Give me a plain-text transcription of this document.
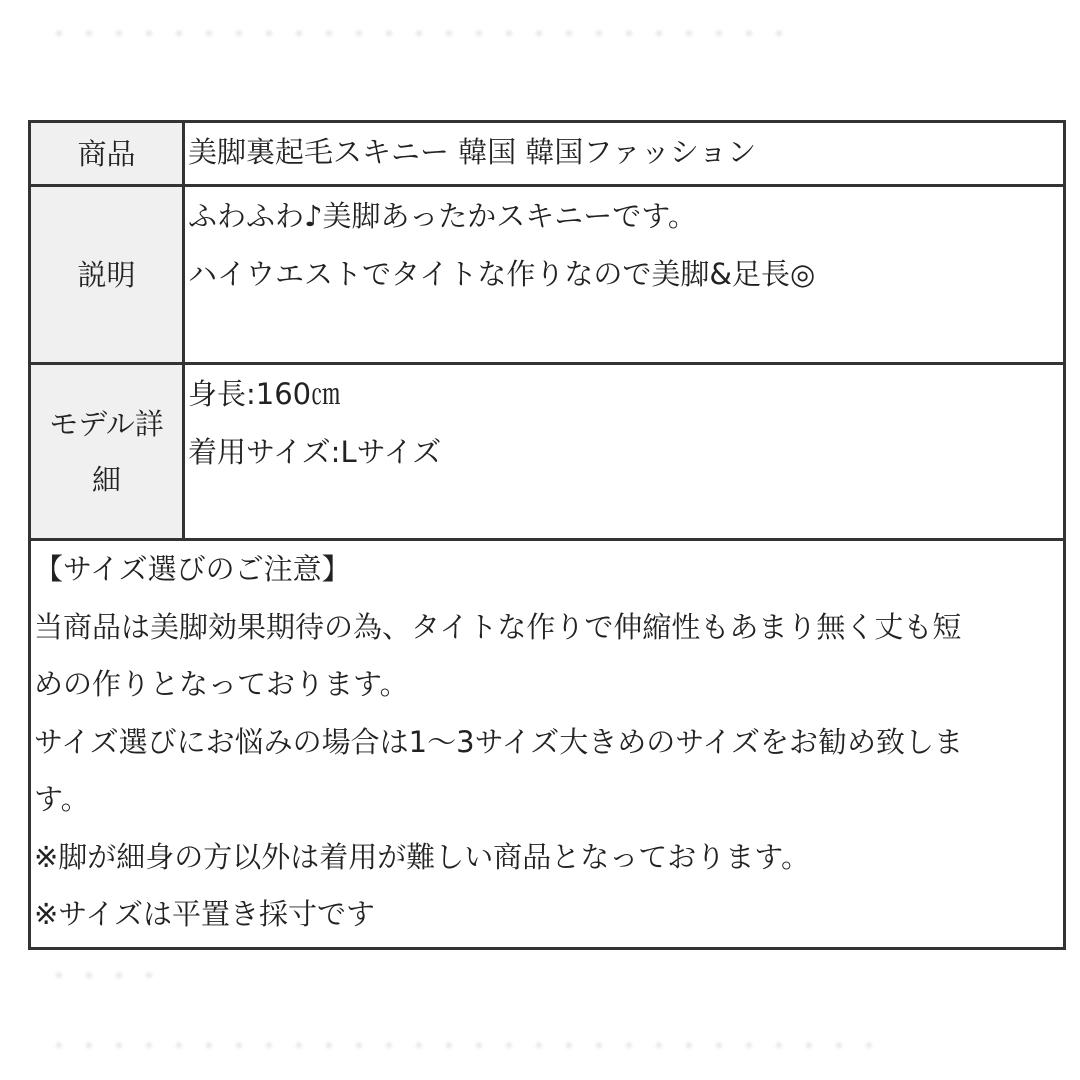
・・・・・・・・・・・・・・・・・・・・・・・・・
・・・・
・・・・・・・・・・・・・・・・・・・・・・・・・・・・
商品	美脚裏起毛スキニー 韓国 韓国ファッション
説明
ふわふわ♪美脚あったかスキニーです。
ハイウエストでタイトな作りなので美脚&足長◎
モデル詳
細
身長:160㎝
着用サイズ:Lサイズ
【サイズ選びのご注意】
当商品は美脚効果期待の為、タイトな作りで伸縮性もあまり無く丈も短
めの作りとなっております。
サイズ選びにお悩みの場合は1〜3サイズ大きめのサイズをお勧め致しま
す。
※脚が細身の方以外は着用が難しい商品となっております。
※サイズは平置き採寸です
